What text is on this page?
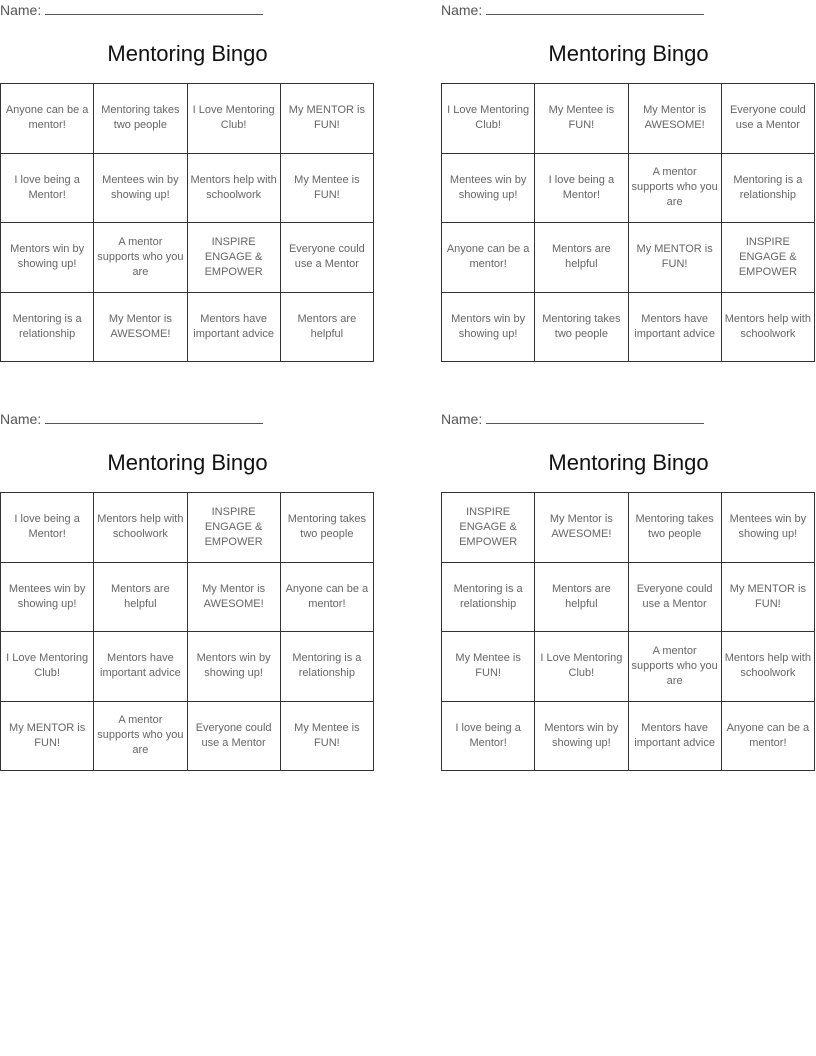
Name:
Mentoring Bingo
Anyone can be a mentor!
Mentoring takes two people
I Love Mentoring Club!
My MENTOR is FUN!
I love being a Mentor!
Mentees win by showing up!
Mentors help with schoolwork
My Mentee is FUN!
Mentors win by showing up!
A mentor supports who you are
INSPIRE ENGAGE & EMPOWER
Everyone could use a Mentor
Mentoring is a relationship
My Mentor is AWESOME!
Mentors have important advice
Mentors are helpful
Name:
Mentoring Bingo
I Love Mentoring Club!
My Mentee is FUN!
My Mentor is AWESOME!
Everyone could use a Mentor
Mentees win by showing up!
I love being a Mentor!
A mentor supports who you are
Mentoring is a relationship
Anyone can be a mentor!
Mentors are helpful
My MENTOR is FUN!
INSPIRE ENGAGE & EMPOWER
Mentors win by showing up!
Mentoring takes two people
Mentors have important advice
Mentors help with schoolwork
Name:
Mentoring Bingo
I love being a Mentor!
Mentors help with schoolwork
INSPIRE ENGAGE & EMPOWER
Mentoring takes two people
Mentees win by showing up!
Mentors are helpful
My Mentor is AWESOME!
Anyone can be a mentor!
I Love Mentoring Club!
Mentors have important advice
Mentors win by showing up!
Mentoring is a relationship
My MENTOR is FUN!
A mentor supports who you are
Everyone could use a Mentor
My Mentee is FUN!
Name:
Mentoring Bingo
INSPIRE ENGAGE & EMPOWER
My Mentor is AWESOME!
Mentoring takes two people
Mentees win by showing up!
Mentoring is a relationship
Mentors are helpful
Everyone could use a Mentor
My MENTOR is FUN!
My Mentee is FUN!
I Love Mentoring Club!
A mentor supports who you are
Mentors help with schoolwork
I love being a Mentor!
Mentors win by showing up!
Mentors have important advice
Anyone can be a mentor!
